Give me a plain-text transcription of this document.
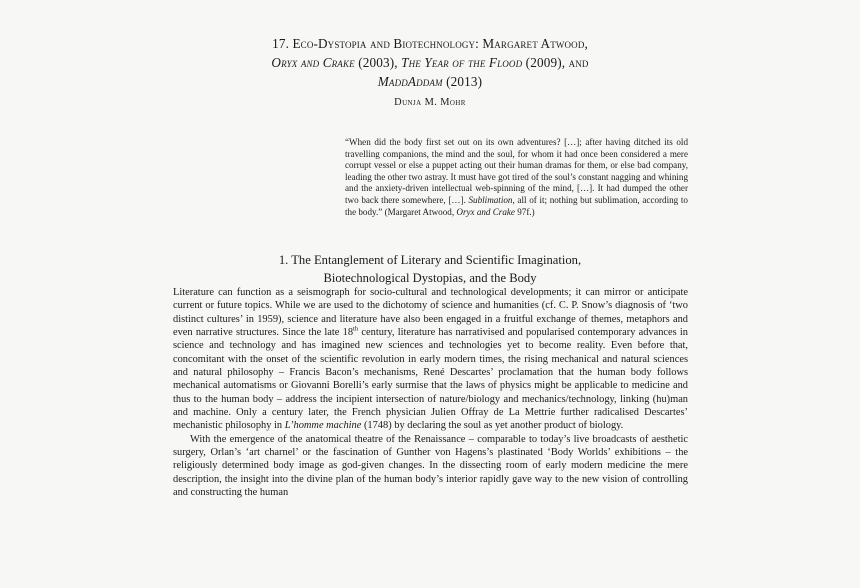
17. Eco-Dystopia and Biotechnology: Margaret Atwood,
Oryx and Crake (2003), The Year of the Flood (2009), and
MaddAddam (2013)
Dunja M. Mohr
“When did the body first set out on its own adventures? […]; after having ditched its old travelling companions, the mind and the soul, for whom it had once been considered a mere corrupt vessel or else a puppet acting out their human dramas for them, or else bad company, leading the other two astray. It must have got tired of the soul’s constant nagging and whining and the anxiety-driven intellectual web-spinning of the mind, […]. It had dumped the other two back there somewhere, […]. Sublimation, all of it; nothing but sublimation, according to the body.” (Margaret Atwood, Oryx and Crake 97f.)
1. The Entanglement of Literary and Scientific Imagination,
Biotechnological Dystopias, and the Body

Literature can function as a seismograph for socio-cultural and technological developments; it can mirror or anticipate current or future topics. While we are used to the dichotomy of science and humanities (cf. C. P. Snow’s diagnosis of ‘two distinct cultures’ in 1959), science and literature have also been engaged in a fruitful exchange of themes, metaphors and even narrative structures. Since the late 18th century, literature has narrativised and popularised contemporary advances in science and technology and has imagined new sciences and technologies yet to become reality. Even before that, concomitant with the onset of the scientific revolution in early modern times, the rising mechanical and natural sciences and natural philosophy – Francis Bacon’s mechanisms, René Descartes’ proclamation that the human body follows mechanical automatisms or Giovanni Borelli’s early surmise that the laws of physics might be applicable to medicine and thus to the human body – address the incipient intersection of nature/biology and mechanics/technology, linking (hu)man and machine. Only a century later, the French physician Julien Offray de La Mettrie further radicalised Descartes’ mechanistic philosophy in L’homme machine (1748) by declaring the soul as yet another product of biology.

With the emergence of the anatomical theatre of the Renaissance – comparable to today’s live broadcasts of aesthetic surgery, Orlan’s ‘art charnel’ or the fascination of Gunther von Hagens’s plastinated ‘Body Worlds’ exhibitions – the religiously determined body image as god-given changes. In the dissecting room of early modern medicine the mere description, the insight into the divine plan of the human body’s interior rapidly gave way to the new vision of controlling and constructing the human
